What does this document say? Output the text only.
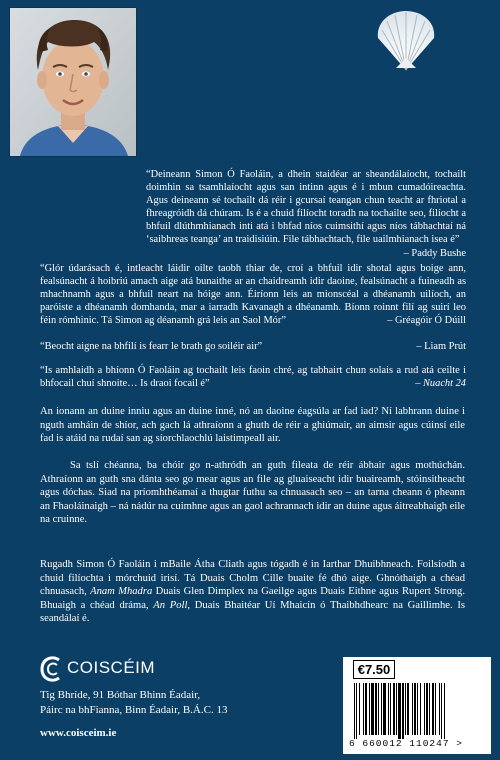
“Deineann Simon Ó Faoláin, a dhein staidéar ar sheandálaíocht, tochailt doimhin sa tsamhlaíocht agus san intinn agus é i mbun cumadóireachta. Agus deineann sé tochailt dá réir i gcursaí teangan chun teacht ar fhriotal a fhreagróidh dá chúram. Is é a chuid filíocht toradh na tochailte seo, filíocht a bhfuil dlúthmhianach inti atá i bhfad níos cuimsithí agus níos tábhachtaí ná ‘saibhreas teanga’ an traidisiúin. File tábhachtach, file uailmhianach isea é”
– Paddy Bushe
“Glór údarásach é, intleacht láidir oilte taobh thiar de, croí a bhfuil idir shotal agus boige ann, fealsúnacht á hoibriú amach aige atá bunaithe ar an chaidreamh idir daoine, fealsúnacht a fuineadh as mhachnamh agus a bhfuil neart na hóige ann. Éiríonn leis an mionscéal a dhéanamh uilíoch, an paróiste a dhéanamh domhanda, mar a iarradh Kavanagh a dhéanamh. Bíonn roinnt filí ag suirí leo féin rómhinic. Tá Simon ag déanamh grá leis an Saol Mór”	– Gréagóir Ó Dúill
“Beocht aigne na bhfilí is fearr le brath go soiléir air”	– Liam Prút
“Is amhlaidh a bhíonn Ó Faoláin ag tochailt leis faoin chré, ag tabhairt chun solais a rud atá ceilte i bhfocail chuí shnoite… Is draoi focail é”	– Nuacht 24
An ionann an duine inniu agus an duine inné, nó an daoine éagsúla ar fad iad? Ní labhrann duine i nguth amháin de shíor, ach gach lá athraíonn a ghuth de réir a ghiúmair, an aimsir agus cúinsí eile fad is atáid na rudaí san ag síorchlaochlú laistimpeall air.
Sa tslí chéanna, ba chóir go n-athródh an guth fileata de réir ábhair agus mothúchán. Athraíonn an guth sna dánta seo go mear agus an file ag gluaiseacht idir buaireamh, stóinsitheacht agus dóchas. Siad na príomhthéamaí a thugtar futhu sa chnuasach seo – an tarna cheann ó pheann an Fhaoláinaigh – ná nádúr na cuimhne agus an gaol achrannach idir an duine agus áitreabhaigh eile na cruinne.
Rugadh Simon Ó Faoláin i mBaile Átha Cliath agus tógadh é in Iarthar Dhuibhneach. Foilsíodh a chuid filíochta i mórchuid irisí. Tá Duais Cholm Cille buaite fé dhó aige. Ghnóthaigh a chéad chnuasach, Anam Mhadra Duais Glen Dimplex na Gaeilge agus Duais Eithne agus Rupert Strong. Bhuaigh a chéad dráma, An Poll, Duais Bhaitéar Uí Mhaicín ó Thaibhdhearc na Gaillimhe. Is seandálaí é.
COISCÉIM
Tig Bhríde, 91 Bóthar Bhinn Éadair,
Páirc na bhFianna, Binn Éadair, B.Á.C. 13
www.coisceim.ie
€7.50
6 660012 110247 >
